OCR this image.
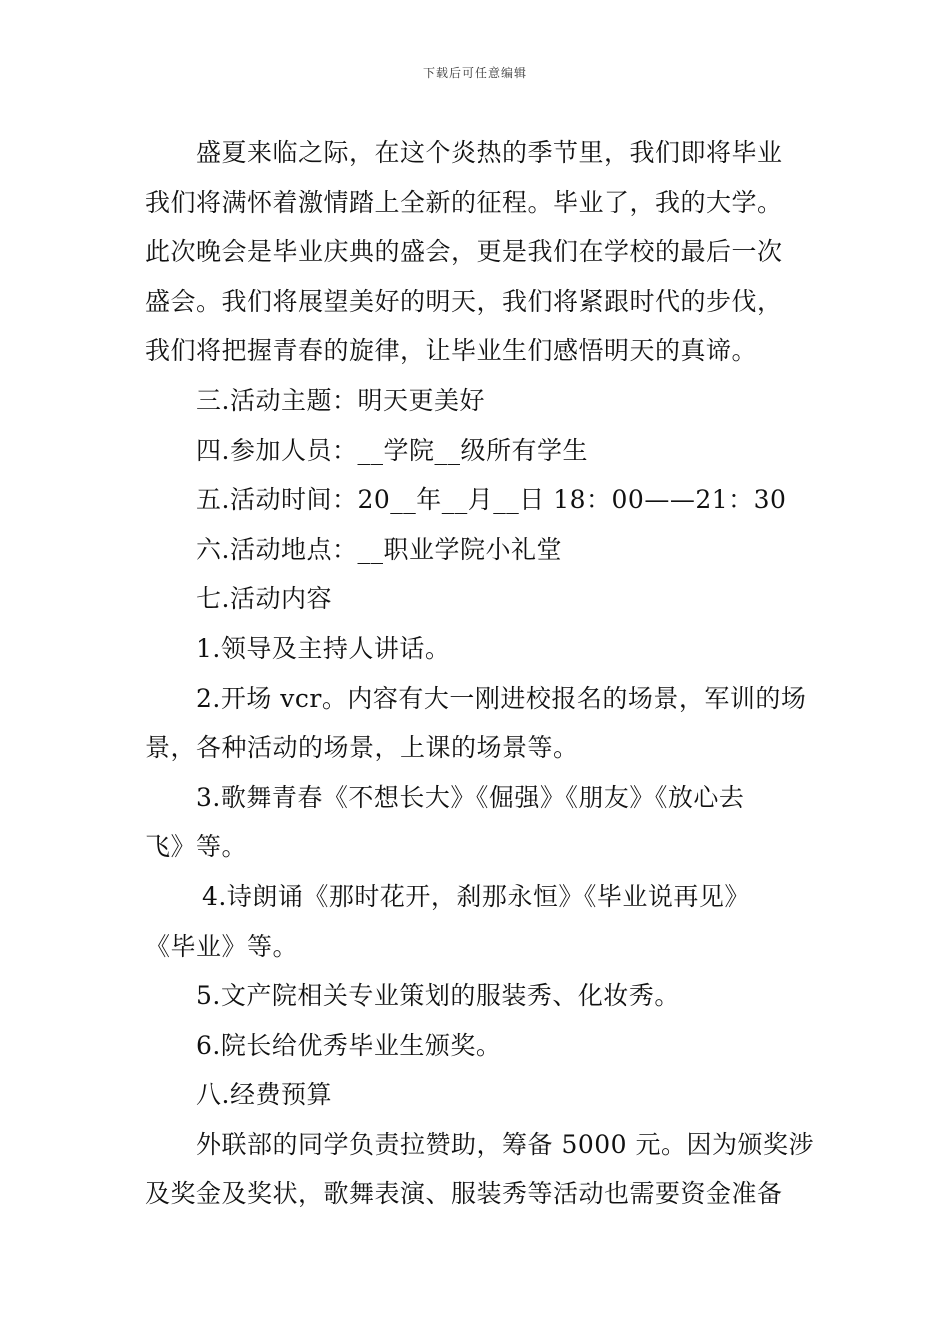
下载后可任意编辑

盛夏来临之际，在这个炎热的季节里，我们即将毕业

我们将满怀着激情踏上全新的征程。毕业了，我的大学。

此次晚会是毕业庆典的盛会，更是我们在学校的最后一次

盛会。我们将展望美好的明天，我们将紧跟时代的步伐，

我们将把握青春的旋律，让毕业生们感悟明天的真谛。

三.活动主题：明天更美好

四.参加人员：__学院__级所有学生

五.活动时间：20__年__月__日 18：00——21：30

六.活动地点：__职业学院小礼堂

七.活动内容

1.领导及主持人讲话。

2.开场 vcr。内容有大一刚进校报名的场景，军训的场

景，各种活动的场景，上课的场景等。

3.歌舞青春《不想长大》《倔强》《朋友》《放心去

飞》等。

4.诗朗诵《那时花开，刹那永恒》《毕业说再见》

《毕业》等。

5.文产院相关专业策划的服装秀、化妆秀。

6.院长给优秀毕业生颁奖。

八.经费预算

外联部的同学负责拉赞助，筹备 5000 元。因为颁奖涉

及奖金及奖状，歌舞表演、服装秀等活动也需要资金准备
